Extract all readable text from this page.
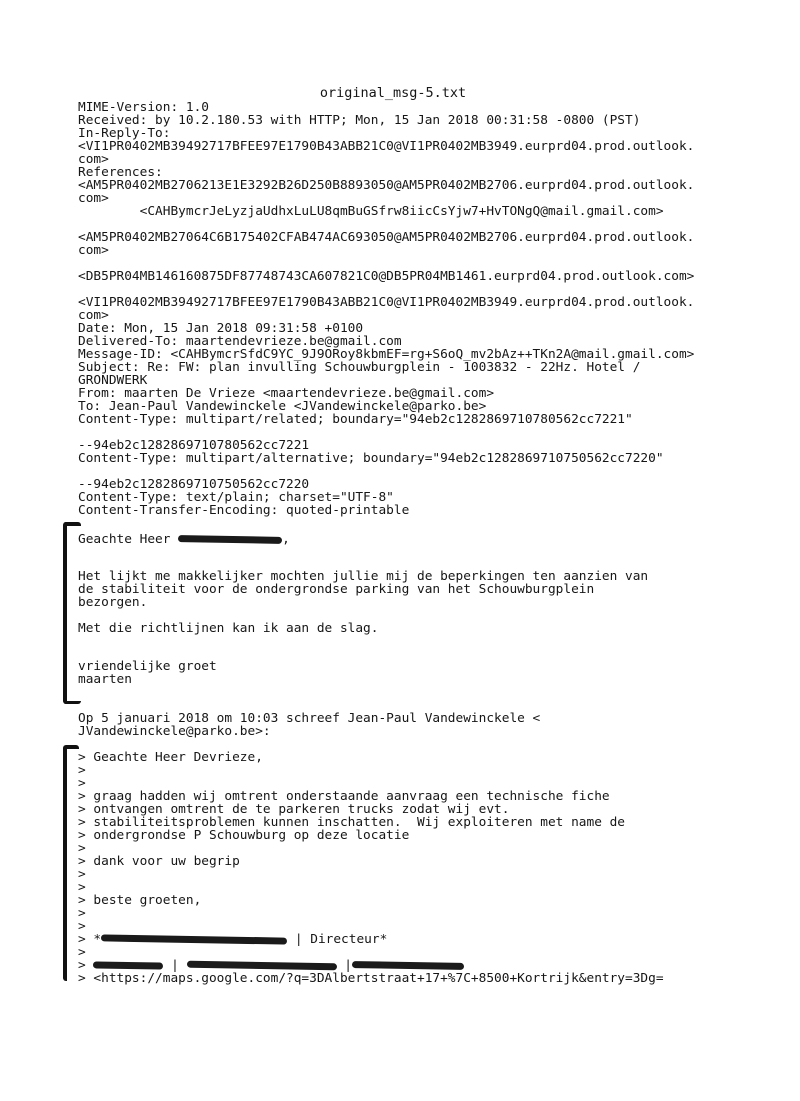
original_msg-5.txt
MIME-Version: 1.0
Received: by 10.2.180.53 with HTTP; Mon, 15 Jan 2018 00:31:58 -0800 (PST)
In-Reply-To:
<VI1PR0402MB39492717BFEE97E1790B43ABB21C0@VI1PR0402MB3949.eurprd04.prod.outlook.
com>
References:
<AM5PR0402MB2706213E1E3292B26D250B8893050@AM5PR0402MB2706.eurprd04.prod.outlook.
com>
<CAHBymcrJeLyzjaUdhxLuLU8qmBuGSfrw8iicCsYjw7+HvTONgQ@mail.gmail.com>
<AM5PR0402MB27064C6B175402CFAB474AC693050@AM5PR0402MB2706.eurprd04.prod.outlook.
com>
<DB5PR04MB146160875DF87748743CA607821C0@DB5PR04MB1461.eurprd04.prod.outlook.com>
<VI1PR0402MB39492717BFEE97E1790B43ABB21C0@VI1PR0402MB3949.eurprd04.prod.outlook.
com>
Date: Mon, 15 Jan 2018 09:31:58 +0100
Delivered-To: maartendevrieze.be@gmail.com
Message-ID: <CAHBymcrSfdC9YC_9J9ORoy8kbmEF=rg+S6oQ_mv2bAz++TKn2A@mail.gmail.com>
Subject: Re: FW: plan invulling Schouwburgplein - 1003832 - 22Hz. Hotel /
GRONDWERK
From: maarten De Vrieze <maartendevrieze.be@gmail.com>
To: Jean-Paul Vandewinckele <JVandewinckele@parko.be>
Content-Type: multipart/related; boundary="94eb2c1282869710780562cc7221"
--94eb2c1282869710780562cc7221
Content-Type: multipart/alternative; boundary="94eb2c1282869710750562cc7220"
--94eb2c1282869710750562cc7220
Content-Type: text/plain; charset="UTF-8"
Content-Transfer-Encoding: quoted-printable
Geachte Heer	,
Het lijkt me makkelijker mochten jullie mij de beperkingen ten aanzien van
de stabiliteit voor de ondergrondse parking van het Schouwburgplein
bezorgen.
Met die richtlijnen kan ik aan de slag.
vriendelijke groet
maarten
Op 5 januari 2018 om 10:03 schreef Jean-Paul Vandewinckele <
JVandewinckele@parko.be>:
> Geachte Heer Devrieze,
>
>
> graag hadden wij omtrent onderstaande aanvraag een technische fiche
> ontvangen omtrent de te parkeren trucks zodat wij evt.
> stabiliteitsproblemen kunnen inschatten.  Wij exploiteren met name de
> ondergrondse P Schouwburg op deze locatie
>
> dank voor uw begrip
>
>
> beste groeten,
>
>
> *	| Directeur*
>
>	|	|
> <https://maps.google.com/?q=3DAlbertstraat+17+%7C+8500+Kortrijk&entry=3Dg=
